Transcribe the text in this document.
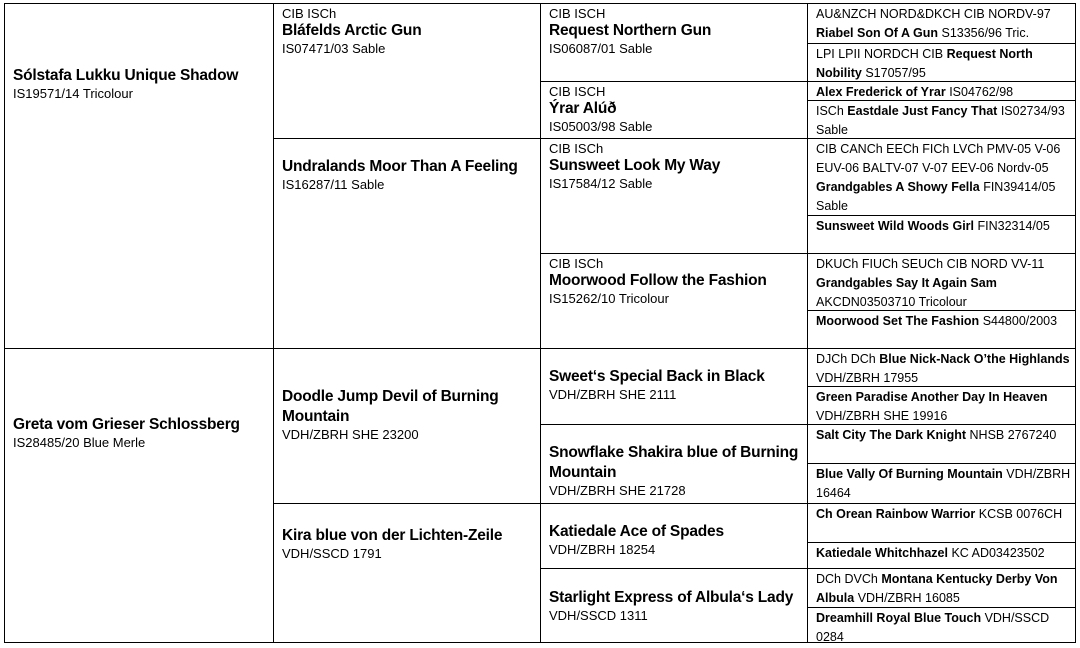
Sólstafa Lukku Unique Shadow
IS19571/14 Tricolour
Greta vom Grieser Schlossberg
IS28485/20 Blue Merle
CIB ISCh
Bláfelds Arctic Gun
IS07471/03 Sable
Undralands Moor Than A Feeling
IS16287/11 Sable
Doodle Jump Devil of Burning Mountain
VDH/ZBRH SHE 23200
Kira blue von der Lichten-Zeile
VDH/SSCD 1791
CIB ISCH
Request Northern Gun
IS06087/01 Sable
CIB ISCH
Ýrar Alúð
IS05003/98 Sable
CIB ISCh
Sunsweet Look My Way
IS17584/12 Sable
CIB ISCh
Moorwood Follow the Fashion
IS15262/10 Tricolour
Sweet‘s Special Back in Black
VDH/ZBRH SHE 2111
Snowflake Shakira blue of Burning Mountain
VDH/ZBRH SHE 21728
Katiedale Ace of Spades
VDH/ZBRH 18254
Starlight Express of Albula‘s Lady
VDH/SSCD 1311
AU&NZCH NORD&DKCH CIB NORDV-97 Riabel Son Of A Gun S13356/96 Tric.
LPI LPII NORDCH CIB Request North Nobility S17057/95
Alex Frederick of Yrar IS04762/98
ISCh Eastdale Just Fancy That IS02734/93 Sable
CIB CANCh EECh FICh LVCh PMV-05 V-06 EUV-06 BALTV-07 V-07 EEV-06 Nordv-05 Grandgables A Showy Fella FIN39414/05 Sable
Sunsweet Wild Woods Girl FIN32314/05
DKUCh FIUCh SEUCh CIB NORD VV-11 Grandgables Say It Again Sam AKCDN03503710 Tricolour
Moorwood Set The Fashion S44800/2003
DJCh DCh Blue Nick-Nack O’the Highlands VDH/ZBRH 17955
Green Paradise Another Day In Heaven VDH/ZBRH SHE 19916
Salt City The Dark Knight NHSB 2767240
Blue Vally Of Burning Mountain VDH/ZBRH 16464
Ch Orean Rainbow Warrior KCSB 0076CH
Katiedale Whitchhazel KC AD03423502
DCh DVCh Montana Kentucky Derby Von Albula VDH/ZBRH 16085
Dreamhill Royal Blue Touch VDH/SSCD 0284
